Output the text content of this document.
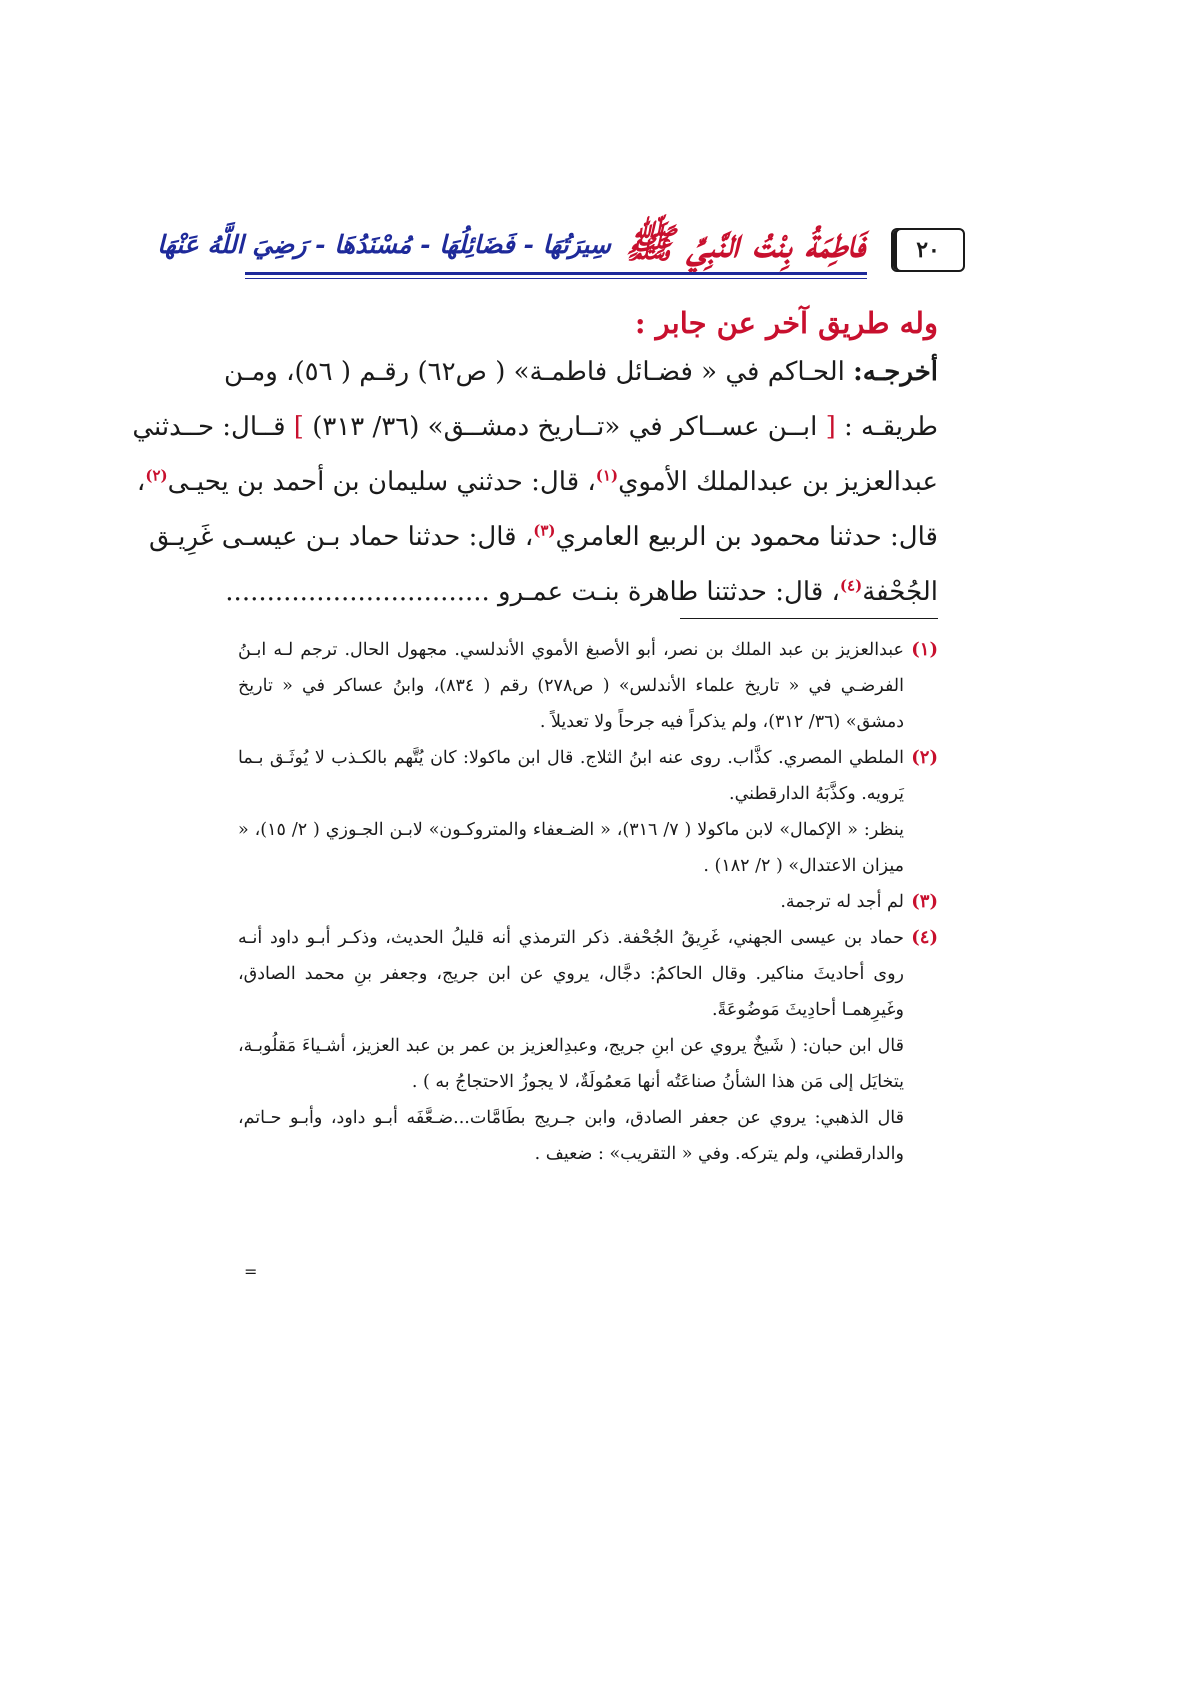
٢٠
فَاطِمَةُ بِنْتُ النَّبِيِّ ﷺ
سِيرَتُهَا - فَضَائِلُهَا - مُسْنَدُهَا - رَضِيَ اللَّهُ عَنْهَا
وله طريق آخر عن جابر :
أخرجـه: الحـاكم في « فضـائل فاطمـة» ( ص٦٢) رقـم ( ٥٦)، ومـن
طريقـه : [ ابــن عســاكر في «تــاريخ دمشــق» (٣٦/ ٣١٣) ] قــال: حــدثني
عبدالعزيز بن عبدالملك الأموي$^{(١)}$، قال: حدثني سليمان بن أحمد بن يحيـى$^{(٢)}$،
قال: حدثنا محمود بن الربيع العامري$^{(٣)}$، قال: حدثنا حماد بـن عيسـى غَرِيـق
الجُحْفة$^{(٤)}$، قال: حدثتنا طاهرة بنـت عمـرو ................................
(١)

عبدالعزيز بن عبد الملك بن نصر، أبو الأصبغ الأموي الأندلسي. مجهول الحال. ترجم لـه ابـنُ الفرضـي في « تاريخ علماء الأندلس» ( ص٢٧٨) رقم ( ٨٣٤)، وابنُ عساكر في « تاريخ دمشق» (٣٦/ ٣١٢)، ولم يذكراً فيه جرحاً ولا تعديلاً .

(٢)

الملطي المصري. كذَّاب. روى عنه ابنُ الثلاج. قال ابن ماكولا: كان يُتَّهم بالكـذب لا يُوثَـق بـما يَرويه. وكذَّبَهُ الدارقطني.

ينظر: « الإكمال» لابن ماكولا ( ٧/ ٣١٦)، « الضـعفاء والمتروكـون» لابـن الجـوزي ( ٢/ ١٥)، « ميزان الاعتدال» ( ٢/ ١٨٢) .

(٣)

لم أجد له ترجمة.

(٤)

حماد بن عيسى الجهني، غَرِيقُ الجُحْفة. ذكر الترمذي أنه قليلُ الحديث، وذكـر أبـو داود أنـه روى أحاديثَ مناكير. وقال الحاكمُ: دجَّال، يروي عن ابن جريج، وجعفر بنِ محمد الصادق، وغَيرِهمـا أحادِيثَ مَوضُوعَةً.

قال ابن حبان: ( شَيخٌ يروي عن ابنِ جريج، وعبدِالعزيز بن عمر بن عبد العزيز، أشـياءَ مَقلُوبـة، يتخايَل إلى مَن هذا الشأنُ صناعَتُه أنها مَعمُولَةٌ، لا يجوزُ الاحتجاجُ به ) .

قال الذهبي: يروي عن جعفر الصادق، وابن جـريج بطَامَّات...ضـعَّفَه أبـو داود، وأبـو حـاتم، والدارقطني، ولم يتركه. وفي « التقريب» : ضعيف .

=
